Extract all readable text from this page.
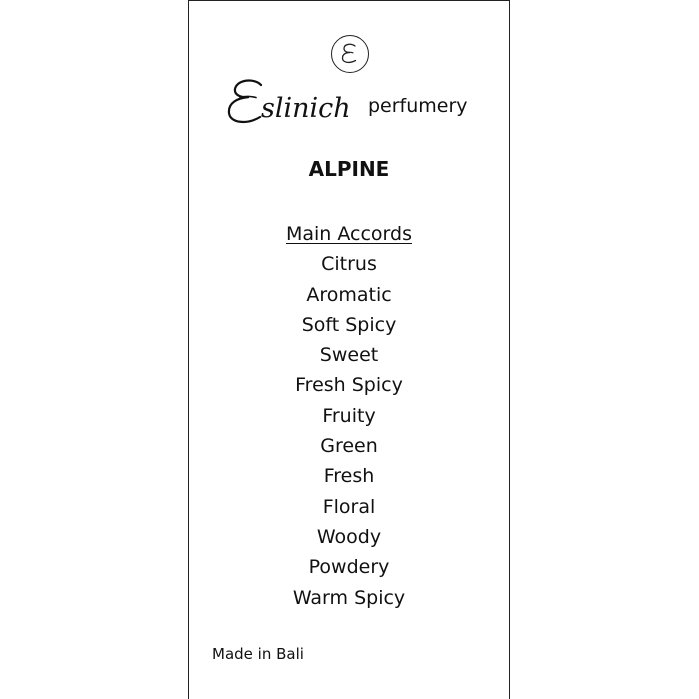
slinich perfumery
ALPINE
Main Accords
Citrus
Aromatic
Soft Spicy
Sweet
Fresh Spicy
Fruity
Green
Fresh
Floral
Woody
Powdery
Warm Spicy
Made in Bali
